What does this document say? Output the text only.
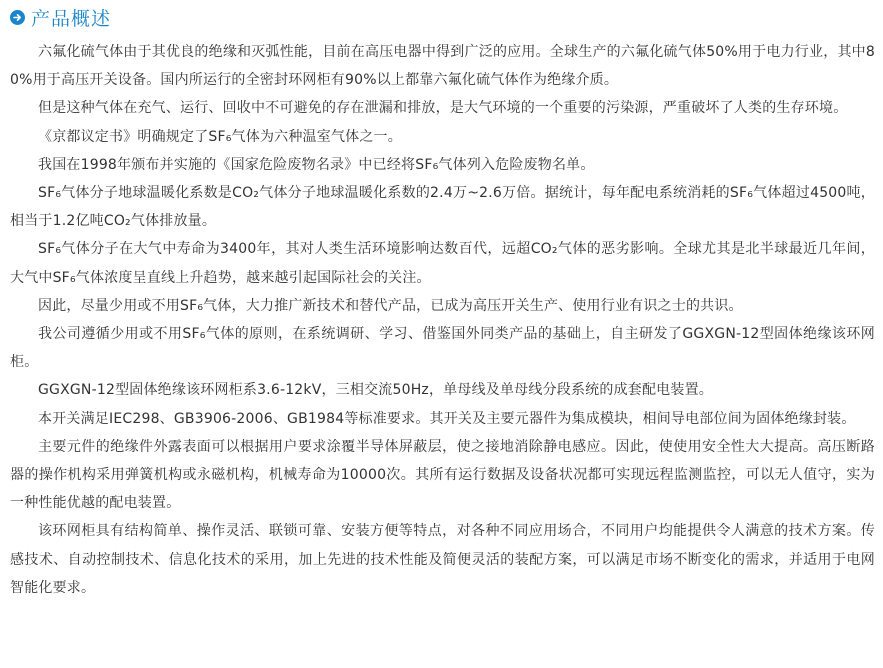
产品概述

六氟化硫气体由于其优良的绝缘和灭弧性能，目前在高压电器中得到广泛的应用。全球生产的六氟化硫气体50%用于电力行业，其中80%用于高压开关设备。国内所运行的全密封环网柜有90%以上都靠六氟化硫气体作为绝缘介质。

但是这种气体在充气、运行、回收中不可避免的存在泄漏和排放，是大气环境的一个重要的污染源，严重破坏了人类的生存环境。

《京都议定书》明确规定了SF₆气体为六种温室气体之一。

我国在1998年颁布并实施的《国家危险废物名录》中已经将SF₆气体列入危险废物名单。

SF₆气体分子地球温暖化系数是CO₂气体分子地球温暖化系数的2.4万~2.6万倍。据统计，每年配电系统消耗的SF₆气体超过4500吨，相当于1.2亿吨CO₂气体排放量。

SF₆气体分子在大气中寿命为3400年，其对人类生活环境影响达数百代，远超CO₂气体的恶劣影响。全球尤其是北半球最近几年间，大气中SF₆气体浓度呈直线上升趋势，越来越引起国际社会的关注。

因此，尽量少用或不用SF₆气体，大力推广新技术和替代产品，已成为高压开关生产、使用行业有识之士的共识。

我公司遵循少用或不用SF₆气体的原则，在系统调研、学习、借鉴国外同类产品的基础上，自主研发了GGXGN-12型固体绝缘该环网柜。

GGXGN-12型固体绝缘该环网柜系3.6-12kV，三相交流50Hz，单母线及单母线分段系统的成套配电装置。

本开关满足IEC298、GB3906-2006、GB1984等标准要求。其开关及主要元器件为集成模块，相间导电部位间为固体绝缘封装。

主要元件的绝缘件外露表面可以根据用户要求涂覆半导体屏蔽层，使之接地消除静电感应。因此，使使用安全性大大提高。高压断路器的操作机构采用弹簧机构或永磁机构，机械寿命为10000次。其所有运行数据及设备状况都可实现远程监测监控，可以无人值守，实为一种性能优越的配电装置。

该环网柜具有结构简单、操作灵活、联锁可靠、安装方便等特点，对各种不同应用场合，不同用户均能提供令人满意的技术方案。传感技术、自动控制技术、信息化技术的采用，加上先进的技术性能及简便灵活的装配方案，可以满足市场不断变化的需求，并适用于电网智能化要求。
